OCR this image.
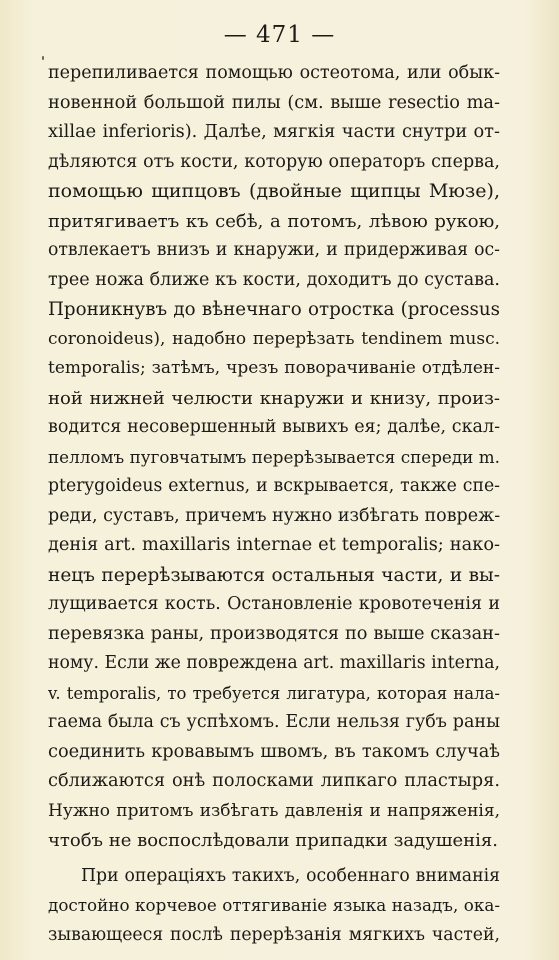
— 471 —
перепиливается помощью остеотома, или обык-
новенной большой пилы (см. выше resectio ma-
xillae inferioris). Далѣе, мягкія части снутри от-
дѣляются отъ кости, которую операторъ сперва,
помощью щипцовъ (двойные щипцы Мюзе),
притягиваетъ къ себѣ, а потомъ, лѣвою рукою,
отвлекаетъ внизъ и кнаружи, и придерживая ос-
трее ножа ближе къ кости, доходитъ до сустава.
Проникнувъ до вѣнечнаго отростка (processus
coronoideus), надобно перерѣзать tendinem musc.
temporalis; затѣмъ, чрезъ поворачиваніе отдѣлен-
ной нижней челюсти кнаружи и книзу, произ-
водится несовершенный вывихъ ея; далѣе, скал-
пелломъ пуговчатымъ перерѣзывается спереди m.
pterygoideus externus, и вскрывается, также спе-
реди, суставъ, причемъ нужно избѣгать повреж-
денія art. maxillaris internae et temporalis; нако-
нецъ перерѣзываются остальныя части, и вы-
лущивается кость. Остановленіе кровотеченія и
перевязка раны, производятся по выше сказан-
ному. Если же повреждена art. maxillaris interna,
v. temporalis, то требуется лигатура, которая нала-
гаема была съ успѣхомъ. Если нельзя губъ раны
соединить кровавымъ швомъ, въ такомъ случаѣ
сближаются онѣ полосками липкаго пластыря.
Нужно притомъ избѣгать давленія и напряженія,
чтобъ не воспослѣдовали припадки задушенія.
При операціяхъ такихъ, особеннаго вниманія
достойно корчевое оттягиваніе языка назадъ, ока-
зывающееся послѣ перерѣзанія мягкихъ частей,
